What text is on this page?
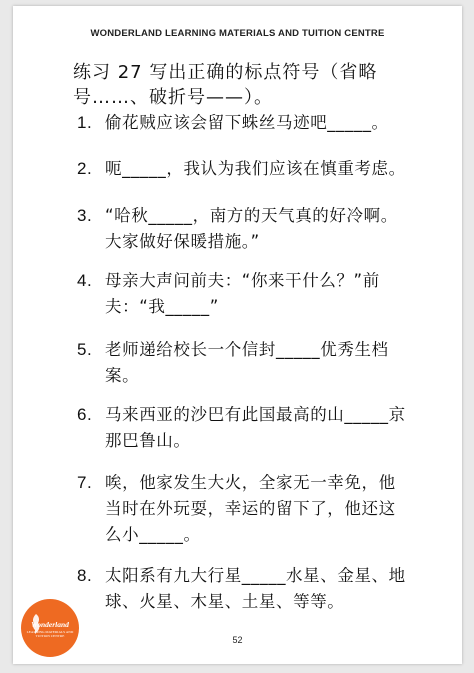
WONDERLAND LEARNING MATERIALS AND TUITION CENTRE
练习 27 写出正确的标点符号（省略
号……、破折号——）。
1. 偷花贼应该会留下蛛丝马迹吧_____。
2. 呃_____，我认为我们应该在慎重考虑。
3. “哈秋_____，南方的天气真的好冷啊。
大家做好保暖措施。”
4. 母亲大声问前夫：“你来干什么？”前
夫：“我_____”
5. 老师递给校长一个信封_____优秀生档
案。
6. 马来西亚的沙巴有此国最高的山_____京
那巴鲁山。
7. 唉，他家发生大火，全家无一幸免，他
当时在外玩耍，幸运的留下了，他还这
么小_____。
8. 太阳系有九大行星_____水星、金星、地
球、火星、木星、土星、等等。
Wonderland
LEARNING MATERIALS AND TUITION CENTRE	52
